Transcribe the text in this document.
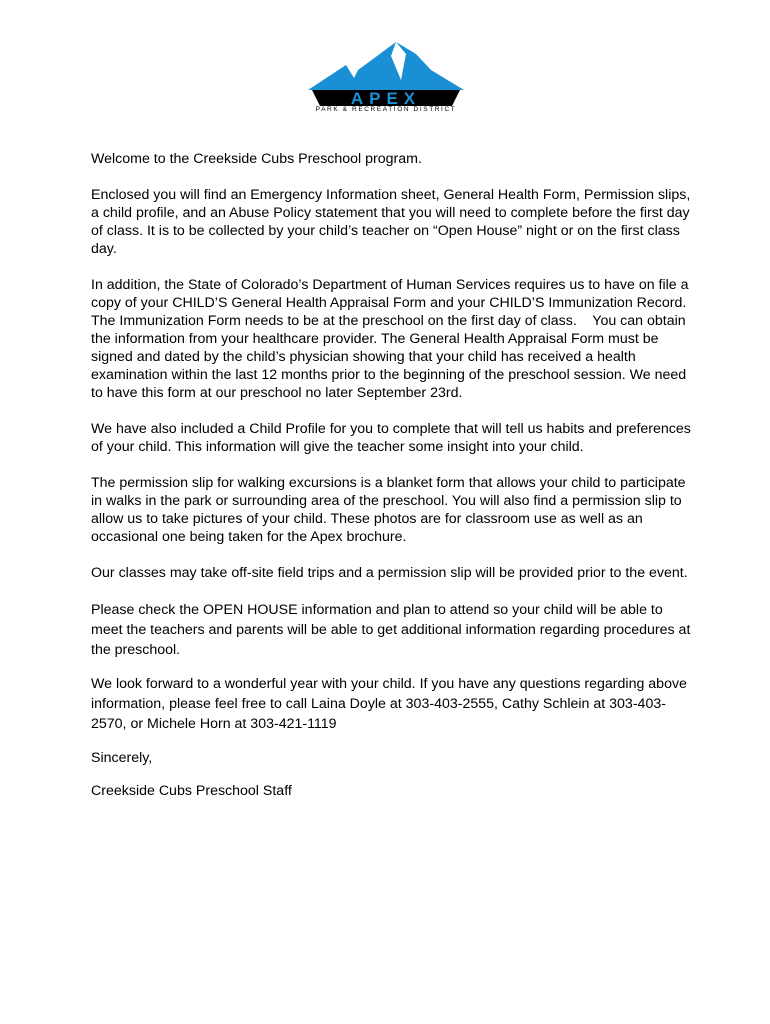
APEX
PARK & RECREATION DISTRICT

Welcome to the Creekside Cubs Preschool program.

Enclosed you will find an Emergency Information sheet, General Health Form, Permission slips, a child profile, and an Abuse Policy statement that you will need to complete before the first day of class. It is to be collected by your child’s teacher on “Open House” night or on the first class day.

In addition, the State of Colorado’s Department of Human Services requires us to have on file a copy of your CHILD’S General Health Appraisal Form and your CHILD’S Immunization Record. The Immunization Form needs to be at the preschool on the first day of class.    You can obtain the information from your healthcare provider. The General Health Appraisal Form must be signed and dated by the child’s physician showing that your child has received a health examination within the last 12 months prior to the beginning of the preschool session. We need to have this form at our preschool no later September 23rd.

We have also included a Child Profile for you to complete that will tell us habits and preferences of your child. This information will give the teacher some insight into your child.

The permission slip for walking excursions is a blanket form that allows your child to participate in walks in the park or surrounding area of the preschool. You will also find a permission slip to allow us to take pictures of your child. These photos are for classroom use as well as an occasional one being taken for the Apex brochure.

Our classes may take off-site field trips and a permission slip will be provided prior to the event.

Please check the OPEN HOUSE information and plan to attend so your child will be able to meet the teachers and parents will be able to get additional information regarding procedures at the preschool.

We look forward to a wonderful year with your child. If you have any questions regarding above information, please feel free to call Laina Doyle at 303-403-2555, Cathy Schlein at 303-403-2570, or Michele Horn at 303-421-1119

Sincerely,

Creekside Cubs Preschool Staff
